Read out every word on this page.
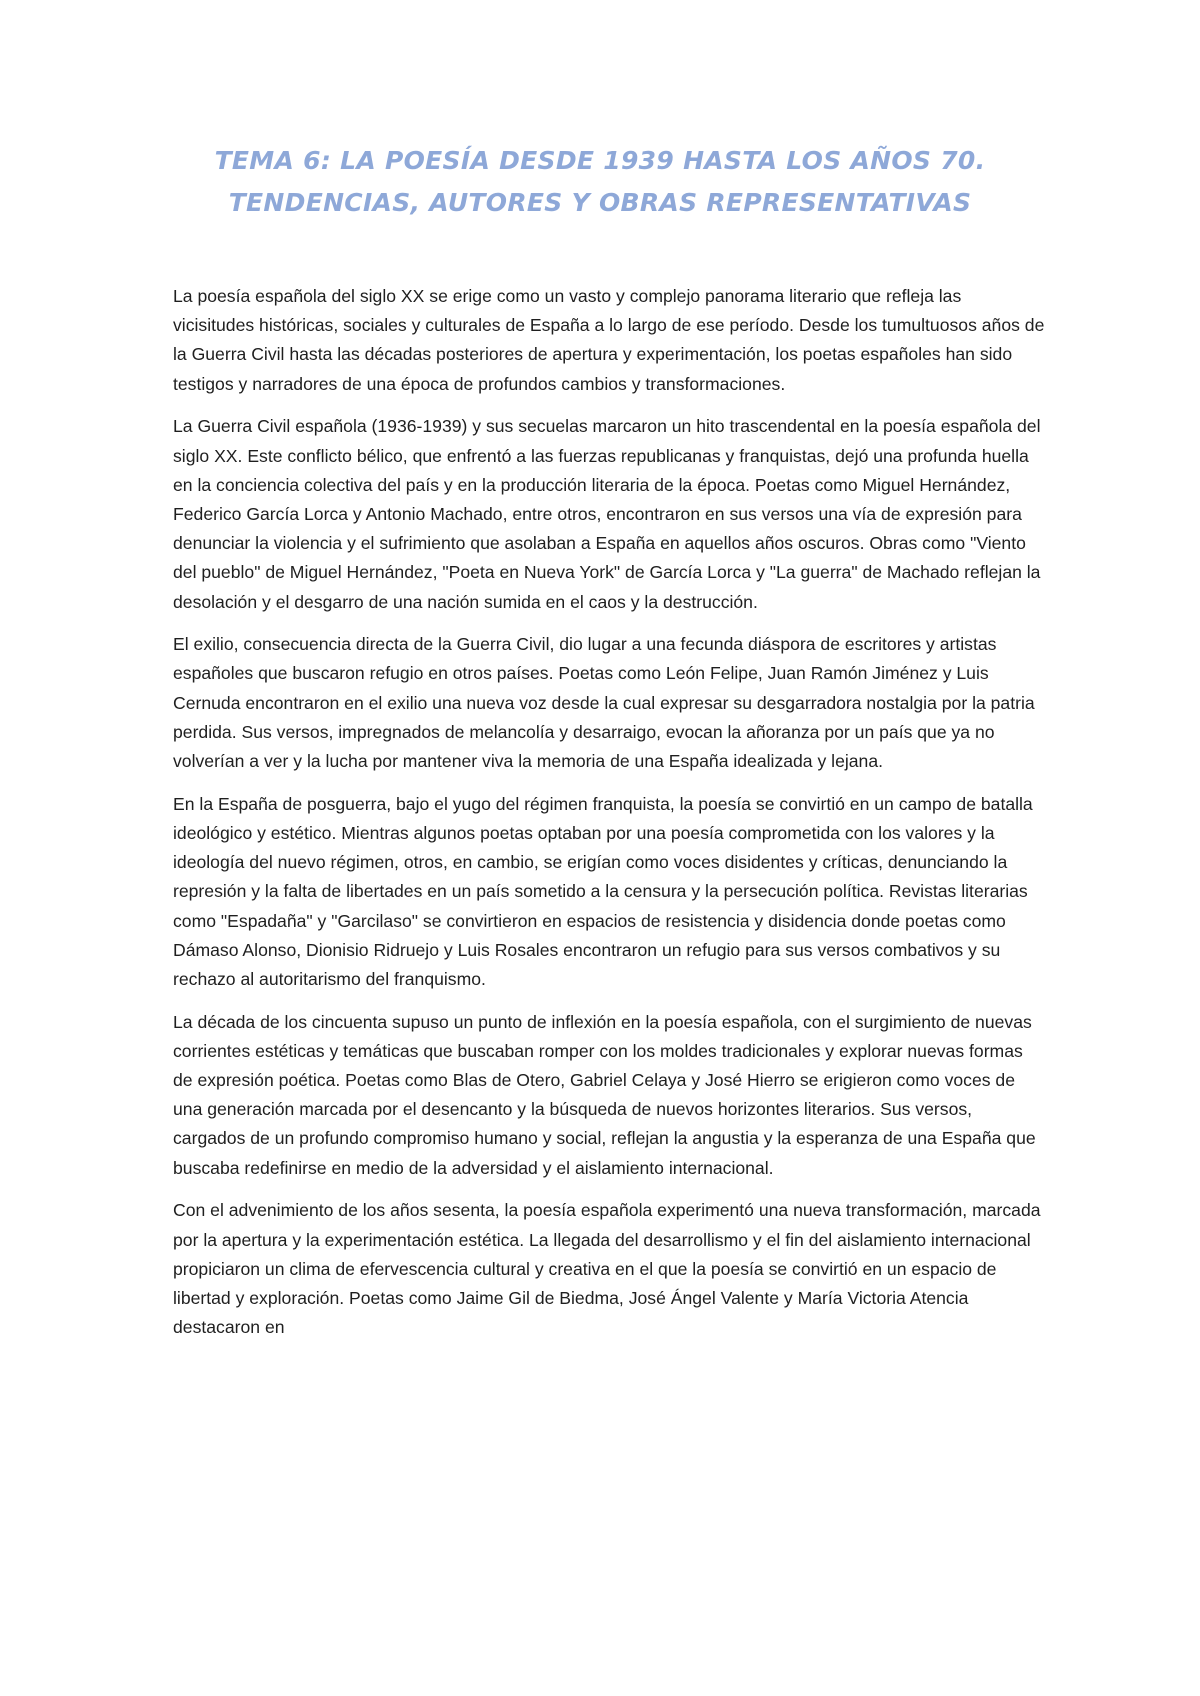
TEMA 6: LA POESÍA DESDE 1939 HASTA LOS AÑOS 70. TENDENCIAS, AUTORES Y OBRAS REPRESENTATIVAS

La poesía española del siglo XX se erige como un vasto y complejo panorama literario que refleja las vicisitudes históricas, sociales y culturales de España a lo largo de ese período. Desde los tumultuosos años de la Guerra Civil hasta las décadas posteriores de apertura y experimentación, los poetas españoles han sido testigos y narradores de una época de profundos cambios y transformaciones.

La Guerra Civil española (1936-1939) y sus secuelas marcaron un hito trascendental en la poesía española del siglo XX. Este conflicto bélico, que enfrentó a las fuerzas republicanas y franquistas, dejó una profunda huella en la conciencia colectiva del país y en la producción literaria de la época. Poetas como Miguel Hernández, Federico García Lorca y Antonio Machado, entre otros, encontraron en sus versos una vía de expresión para denunciar la violencia y el sufrimiento que asolaban a España en aquellos años oscuros. Obras como "Viento del pueblo" de Miguel Hernández, "Poeta en Nueva York" de García Lorca y "La guerra" de Machado reflejan la desolación y el desgarro de una nación sumida en el caos y la destrucción.

El exilio, consecuencia directa de la Guerra Civil, dio lugar a una fecunda diáspora de escritores y artistas españoles que buscaron refugio en otros países. Poetas como León Felipe, Juan Ramón Jiménez y Luis Cernuda encontraron en el exilio una nueva voz desde la cual expresar su desgarradora nostalgia por la patria perdida. Sus versos, impregnados de melancolía y desarraigo, evocan la añoranza por un país que ya no volverían a ver y la lucha por mantener viva la memoria de una España idealizada y lejana.

En la España de posguerra, bajo el yugo del régimen franquista, la poesía se convirtió en un campo de batalla ideológico y estético. Mientras algunos poetas optaban por una poesía comprometida con los valores y la ideología del nuevo régimen, otros, en cambio, se erigían como voces disidentes y críticas, denunciando la represión y la falta de libertades en un país sometido a la censura y la persecución política. Revistas literarias como "Espadaña" y "Garcilaso" se convirtieron en espacios de resistencia y disidencia donde poetas como Dámaso Alonso, Dionisio Ridruejo y Luis Rosales encontraron un refugio para sus versos combativos y su rechazo al autoritarismo del franquismo.

La década de los cincuenta supuso un punto de inflexión en la poesía española, con el surgimiento de nuevas corrientes estéticas y temáticas que buscaban romper con los moldes tradicionales y explorar nuevas formas de expresión poética. Poetas como Blas de Otero, Gabriel Celaya y José Hierro se erigieron como voces de una generación marcada por el desencanto y la búsqueda de nuevos horizontes literarios. Sus versos, cargados de un profundo compromiso humano y social, reflejan la angustia y la esperanza de una España que buscaba redefinirse en medio de la adversidad y el aislamiento internacional.

Con el advenimiento de los años sesenta, la poesía española experimentó una nueva transformación, marcada por la apertura y la experimentación estética. La llegada del desarrollismo y el fin del aislamiento internacional propiciaron un clima de efervescencia cultural y creativa en el que la poesía se convirtió en un espacio de libertad y exploración. Poetas como Jaime Gil de Biedma, José Ángel Valente y María Victoria Atencia destacaron en
